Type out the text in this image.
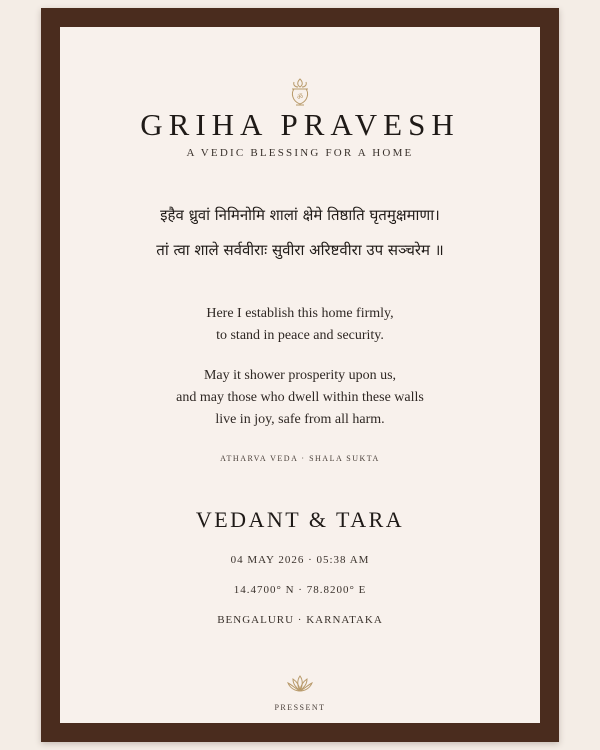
ॐ
GRIHA PRAVESH
A VEDIC BLESSING FOR A HOME
इहैव ध्रुवां निमिनोमि शालां क्षेमे तिष्ठाति घृतमुक्षमाणा।
तां त्वा शाले सर्ववीराः सुवीरा अरिष्टवीरा उप सञ्चरेम ॥
Here I establish this home firmly,
to stand in peace and security.
May it shower prosperity upon us,
and may those who dwell within these walls
live in joy, safe from all harm.
ATHARVA VEDA · SHALA SUKTA
VEDANT & TARA
04 MAY 2026 · 05:38 AM
14.4700° N · 78.8200° E
BENGALURU · KARNATAKA
PRESSENT
